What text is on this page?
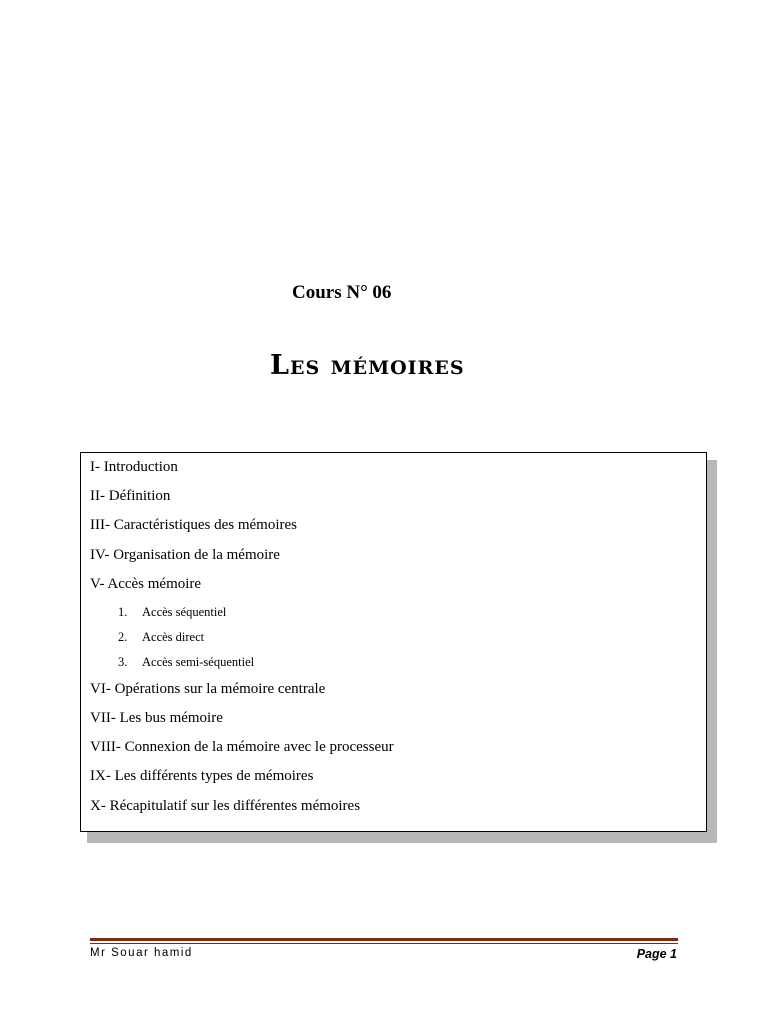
Cours N° 06
Les mémoires
I- Introduction
II- Définition
III- Caractéristiques des mémoires
IV- Organisation de la mémoire
V- Accès mémoire
1. Accès séquentiel
2. Accès direct
3. Accès semi-séquentiel
VI- Opérations sur la mémoire centrale
VII- Les bus mémoire
VIII- Connexion de la mémoire avec le processeur
IX- Les différents types de mémoires
X- Récapitulatif sur les différentes mémoires
Mr Souar hamid	Page 1
